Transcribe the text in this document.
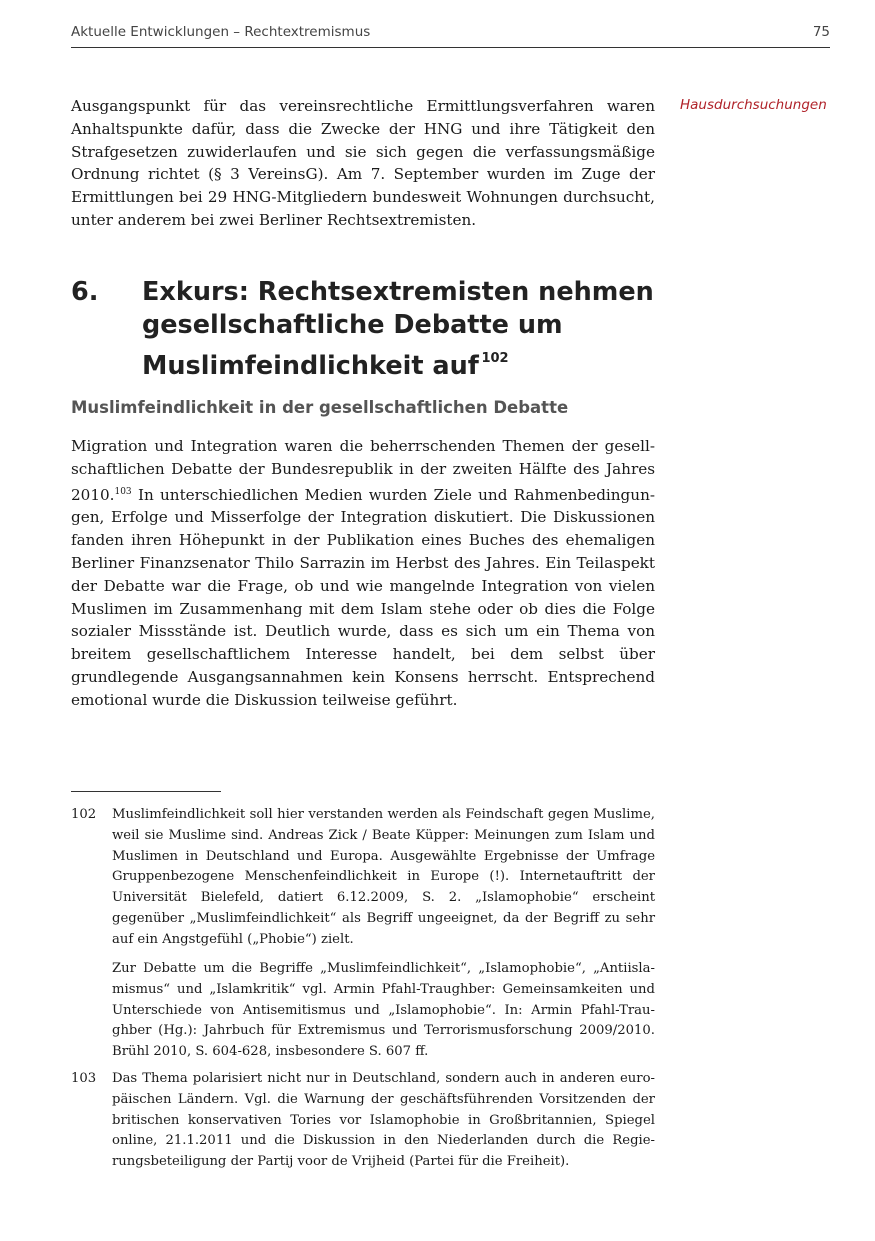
Aktuelle Entwicklungen – Rechtextremismus	75
Hausdurchsuchungen

Ausgangspunkt für das vereinsrechtliche Ermittlungsverfahren waren Anhaltspunkte dafür, dass die Zwecke der HNG und ihre Tätigkeit den Strafgesetzen zuwiderlaufen und sie sich gegen die verfassungsmäßige Ordnung richtet (§ 3 VereinsG). Am 7. September wurden im Zuge der Ermittlungen bei 29 HNG-Mitgliedern bundesweit Wohnungen durchsucht, unter anderem bei zwei Berliner Rechtsextremisten.

6. Exkurs: Rechtsextremisten nehmen gesellschaftliche Debatte um Muslimfeindlichkeit auf  $^{102}$
Muslimfeindlichkeit in der gesellschaftlichen Debatte

Migration und Integration waren die beherrschenden Themen der gesellschaftlichen Debatte der Bundesrepublik in der zweiten Hälfte des Jahres 2010.$^{103}$ In unterschiedlichen Medien wurden Ziele und Rahmenbedingungen, Erfolge und Misserfolge der Integration diskutiert. Die Diskussionen fanden ihren Höhepunkt in der Publikation eines Buches des ehemaligen Berliner Finanzsenator Thilo Sarrazin im Herbst des Jahres. Ein Teilaspekt der Debatte war die Frage, ob und wie mangelnde Integration von vielen Muslimen im Zusammenhang mit dem Islam stehe oder ob dies die Folge sozialer Missstände ist. Deutlich wurde, dass es sich um ein Thema von breitem gesellschaftlichem Interesse handelt, bei dem selbst über grundlegende Ausgangsannahmen kein Konsens herrscht. Entsprechend emotional wurde die Diskussion teilweise geführt.

102	Muslimfeindlichkeit soll hier verstanden werden als Feindschaft gegen Muslime, weil sie Muslime sind. Andreas Zick / Beate Küpper: Meinungen zum Islam und Muslimen in Deutschland und Europa. Ausgewählte Ergebnisse der Umfrage Gruppenbezogene Menschenfeindlichkeit in Europe (!). Internetauftritt der Universität Bielefeld, datiert 6.12.2009, S. 2. „Islamophobie“ erscheint gegenüber „Muslimfeindlichkeit“ als Begriff ungeeignet, da der Begriff zu sehr auf ein Angstgefühl („Phobie“) zielt.
Zur Debatte um die Begriffe „Muslimfeindlichkeit“, „Islamophobie“, „Antiislamismus“ und „Islamkritik“ vgl. Armin Pfahl-Traughber: Gemeinsamkeiten und Unterschiede von Antisemitismus und „Islamophobie“. In: Armin Pfahl-Traughber (Hg.): Jahrbuch für Extremismus und Terrorismusforschung 2009/2010. Brühl 2010, S. 604-628, insbesondere S. 607 ff.
103	Das Thema polarisiert nicht nur in Deutschland, sondern auch in anderen europäischen Ländern. Vgl. die Warnung der geschäftsführenden Vorsitzenden der britischen konservativen Tories vor Islamophobie in Großbritannien, Spiegel online, 21.1.2011 und die Diskussion in den Niederlanden durch die Regierungsbeteiligung der Partij voor de Vrijheid (Partei für die Freiheit).
